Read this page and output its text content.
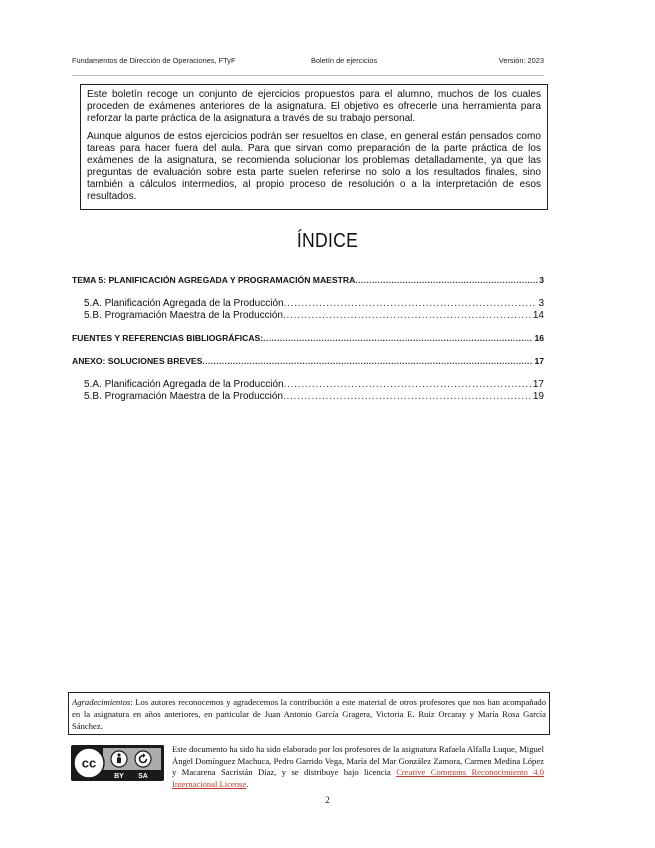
Fundamentos de Dirección de Operaciones, FTyF	Boletín de ejercicios	Versión: 2023

Este boletín recoge un conjunto de ejercicios propuestos para el alumno, muchos de los cuales proceden de exámenes anteriores de la asignatura. El objetivo es ofrecerle una herramienta para reforzar la parte práctica de la asignatura a través de su trabajo personal.

Aunque algunos de estos ejercicios podrán ser resueltos en clase, en general están pensados como tareas para hacer fuera del aula. Para que sirvan como preparación de la parte práctica de los exámenes de la asignatura, se recomienda solucionar los problemas detalladamente, ya que las preguntas de evaluación sobre esta parte suelen referirse no solo a los resultados finales, sino también a cálculos intermedios, al propio proceso de resolución o a la interpretación de esos resultados.

ÍNDICE
TEMA 5: PLANIFICACIÓN AGREGADA Y PROGRAMACIÓN MAESTRA . . .	3
5.A. Planificación Agregada de la Producción . . .	3
5.B. Programación Maestra de la Producción . . .	14
FUENTES Y REFERENCIAS BIBLIOGRÁFICAS: . . .	16
ANEXO: SOLUCIONES BREVES . . .	17
5.A. Planificación Agregada de la Producción . . .	17
5.B. Programación Maestra de la Producción . . .	19
Agradecimientos: Los autores reconocemos y agradecemos la contribución a este material de otros profesores que nos han acompañado en la asignatura en años anteriores, en particular de Juan Antonio García Gragera, Victoria E. Ruiz Orcaray y María Rosa García Sánchez.
cc
BY SA
Este documento ha sido ha sido elaborado por los profesores de la asignatura Rafaela Alfalla Luque, Miguel Ángel Domínguez Machuca, Pedro Garrido Vega, María del Mar González Zamora, Carmen Medina López y Macarena Sacristán Díaz, y se distribuye bajo licencia Creative Commons Reconocimiento 4.0 Internacional License.
2
